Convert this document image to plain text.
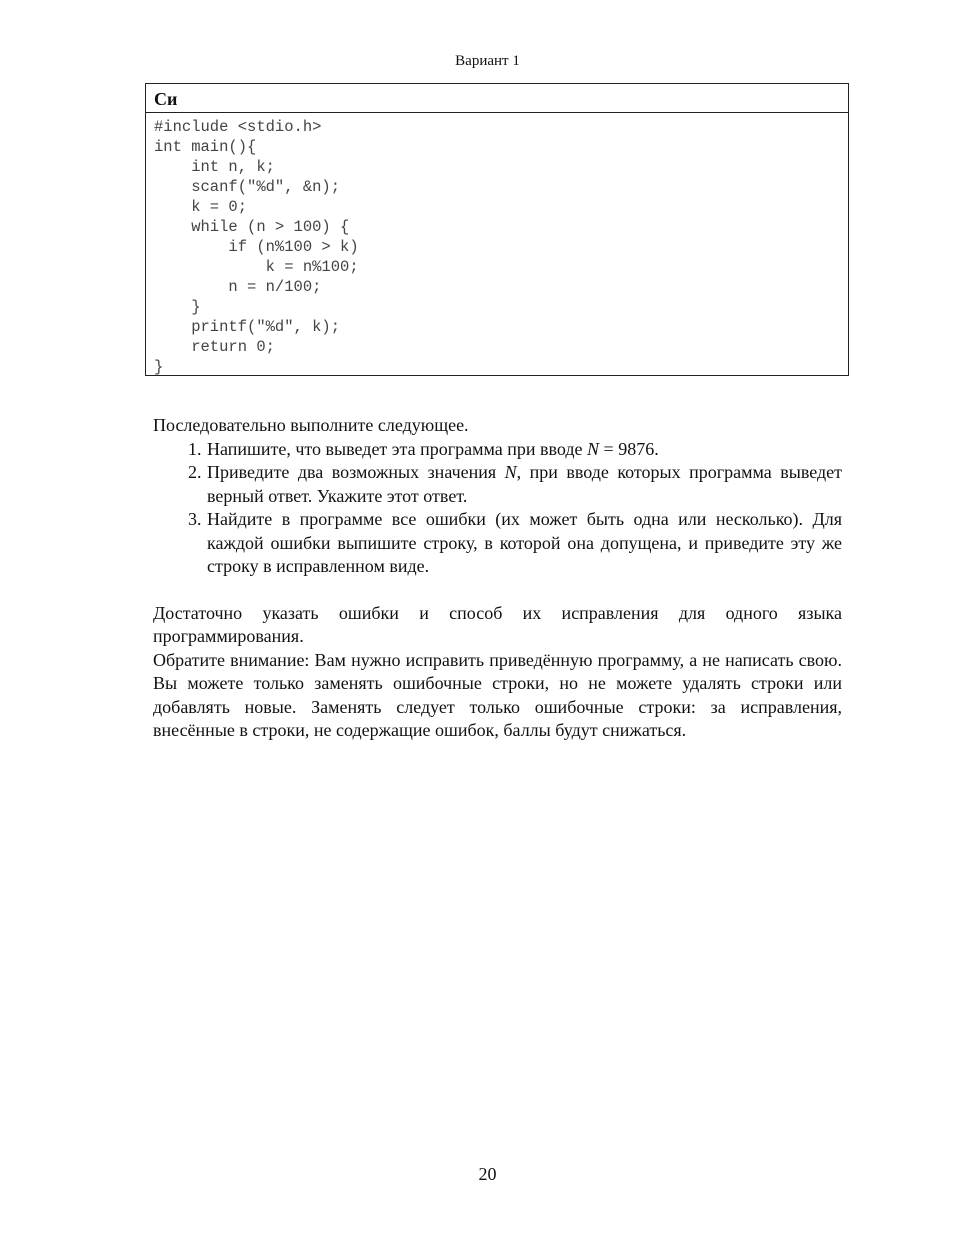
Вариант 1
Си
#include <stdio.h>
int main(){
int n, k;
scanf("%d", &n);
k = 0;
while (n > 100) {
if (n%100 > k)
k = n%100;
n = n/100;
}
printf("%d", k);
return 0;
}

Последовательно выполните следующее.

1. Напишите, что выведет эта программа при вводе N = 9876.
2. Приведите два возможных значения N, при вводе которых программа выведет верный ответ. Укажите этот ответ.
3. Найдите в программе все ошибки (их может быть одна или несколько). Для каждой ошибки выпишите строку, в которой она допущена, и приведите эту же строку в исправленном виде.

Достаточно указать ошибки и способ их исправления для одного языка программирования.

Обратите внимание: Вам нужно исправить приведённую программу, а не написать свою. Вы можете только заменять ошибочные строки, но не можете удалять строки или добавлять новые. Заменять следует только ошибочные строки: за исправления, внесённые в строки, не содержащие ошибок, баллы будут снижаться.

20
